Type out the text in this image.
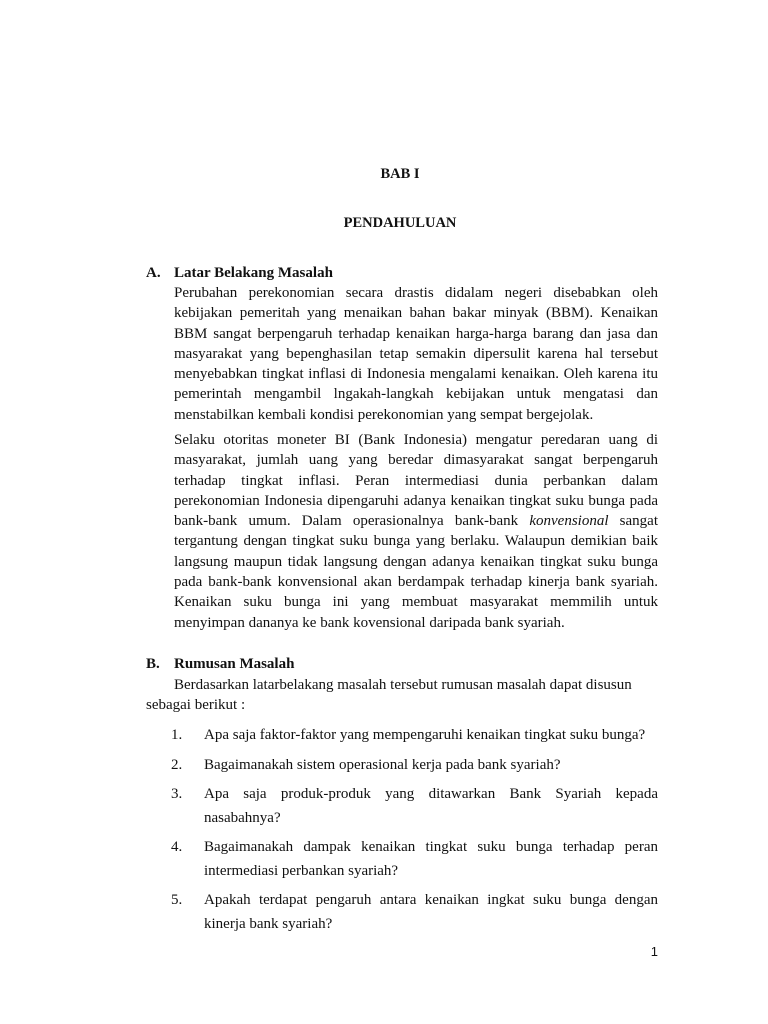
BAB I
PENDAHULUAN
A. Latar Belakang Masalah
Perubahan perekonomian secara drastis didalam negeri disebabkan oleh kebijakan pemeritah yang menaikan bahan bakar minyak (BBM). Kenaikan BBM sangat berpengaruh terhadap kenaikan harga-harga barang dan jasa dan masyarakat yang bepenghasilan tetap semakin dipersulit karena hal tersebut menyebabkan tingkat inflasi di Indonesia mengalami kenaikan. Oleh karena itu pemerintah mengambil lngakah-langkah kebijakan untuk mengatasi dan menstabilkan kembali kondisi perekonomian yang sempat bergejolak.
Selaku otoritas moneter BI (Bank Indonesia) mengatur peredaran uang di masyarakat, jumlah uang yang beredar dimasyarakat sangat berpengaruh terhadap tingkat inflasi. Peran intermediasi dunia perbankan dalam perekonomian Indonesia dipengaruhi adanya kenaikan tingkat suku bunga pada bank-bank umum. Dalam operasionalnya bank-bank konvensional sangat tergantung dengan tingkat suku bunga yang berlaku. Walaupun demikian baik langsung maupun tidak langsung dengan adanya kenaikan tingkat suku bunga pada bank-bank konvensional akan berdampak terhadap kinerja bank syariah. Kenaikan suku bunga ini yang membuat masyarakat memmilih untuk menyimpan dananya ke bank kovensional daripada bank syariah.
B. Rumusan Masalah
Berdasarkan latarbelakang masalah tersebut rumusan masalah dapat disusun
sebagai berikut :
1. Apa saja faktor-faktor yang mempengaruhi kenaikan tingkat suku bunga?
2. Bagaimanakah sistem operasional kerja pada bank syariah?
3. Apa saja produk-produk yang ditawarkan Bank Syariah kepada nasabahnya?
4. Bagaimanakah dampak kenaikan tingkat suku bunga terhadap peran intermediasi perbankan syariah?
5. Apakah terdapat pengaruh antara kenaikan ingkat suku bunga dengan kinerja bank syariah?
1
